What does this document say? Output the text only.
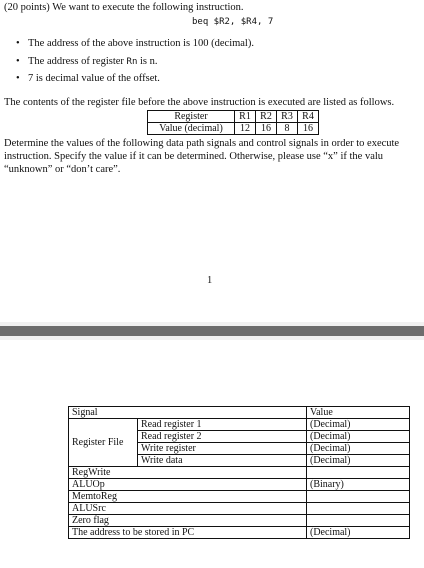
(20 points) We want to execute the following instruction.
beq $R2, $R4, 7
• The address of the above instruction is 100 (decimal).
• The address of register Rn is n.
• 7 is decimal value of the offset.
The contents of the register file before the above instruction is executed are listed as follows.
Register	R1	R2	R3	R4
Value (decimal)	12	16	8	16
Determine the values of the following data path signals and control signals in order to execute
instruction. Specify the value if it can be determined. Otherwise, please use “x” if the valu
“unknown” or “don’t care”.
1
Signal		Value
Register File	Read register 1	(Decimal)
	Read register 2	(Decimal)
	Write register	(Decimal)
	Write data	(Decimal)
RegWrite		
ALUOp		(Binary)
MemtoReg		
ALUSrc		
Zero flag		
The address to be stored in PC		(Decimal)
